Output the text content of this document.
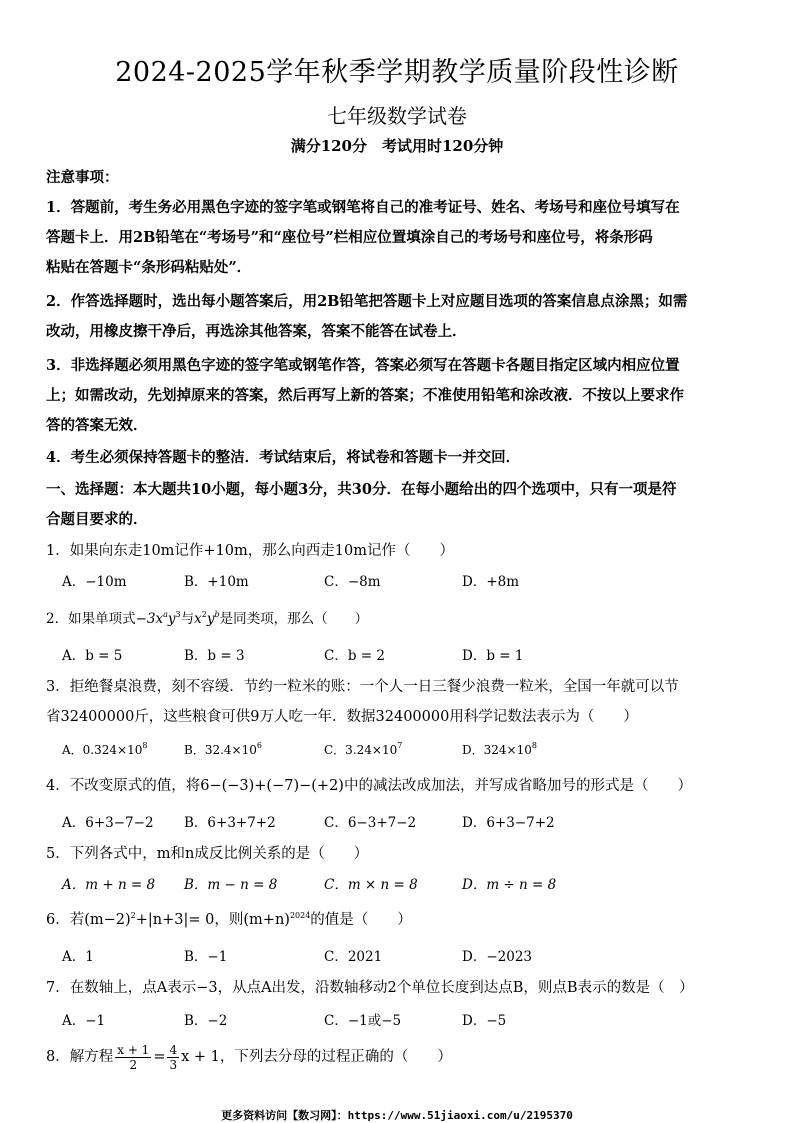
2024-2025学年秋季学期教学质量阶段性诊断
七年级数学试卷
满分120分　考试用时120分钟
注意事项：
1．答题前，考生务必用黑色字迹的签字笔或钢笔将自己的准考证号、姓名、考场号和座位号填写在
答题卡上．用2B铅笔在“考场号”和“座位号”栏相应位置填涂自己的考场号和座位号，将条形码
粘贴在答题卡“条形码粘贴处”．
2．作答选择题时，选出每小题答案后，用2B铅笔把答题卡上对应题目选项的答案信息点涂黑；如需
改动，用橡皮擦干净后，再选涂其他答案，答案不能答在试卷上．
3．非选择题必须用黑色字迹的签字笔或钢笔作答，答案必须写在答题卡各题目指定区域内相应位置
上；如需改动，先划掉原来的答案，然后再写上新的答案；不准使用铅笔和涂改液．不按以上要求作
答的答案无效．
4．考生必须保持答题卡的整洁．考试结束后，将试卷和答题卡一并交回．
一、选择题：本大题共10小题，每小题3分，共30分．在每小题给出的四个选项中，只有一项是符
合题目要求的．
1．如果向东走10m记作+10m，那么向西走10m记作（　　）
A．−10m	B．+10m	C．−8m	D．+8m
2．如果单项式$-3x^ay^3$与$x^2y^b$是同类项，那么（　　）
A．b = 5	B．b = 3	C．b = 2	D．b = 1
3．拒绝餐桌浪费，刻不容缓．节约一粒米的账：一个人一日三餐少浪费一粒米，全国一年就可以节
省32400000斤，这些粮食可供9万人吃一年．数据32400000用科学记数法表示为（　　）
A．$0.324\times 10^8$	B．$32.4\times 10^6$	C．$3.24\times 10^7$	D．$324\times 10^8$
4．不改变原式的值，将6−(−3)+(−7)−(+2)中的减法改成加法，并写成省略加号的形式是（　　）
A．6+3−7−2 B．6+3+7+2	C．6−3+7−2	D．6+3−7+2
5．下列各式中，m和n成反比例关系的是（　　）
A．m + n = 8 B．m − n = 8	C．m × n = 8	D．m ÷ n = 8
6．若$(m-2)^2+|n+3|= 0$，则$(m+n)^{2024}$的值是（　　）
A．1	B．−1	C．2021	D．−2023
7．在数轴上，点A表示−3，从点A出发，沿数轴移动2个单位长度到达点B，则点B表示的数是（　）
A．−1	B．−2	C．−1或−5	D．−5
8．解方程 $\frac{x + 1}{2} = \frac{4}{3}$ x + 1，下列去分母的过程正确的（　　）
更多资料访问【数习网】：https://www.51jiaoxi.com/u/2195370
